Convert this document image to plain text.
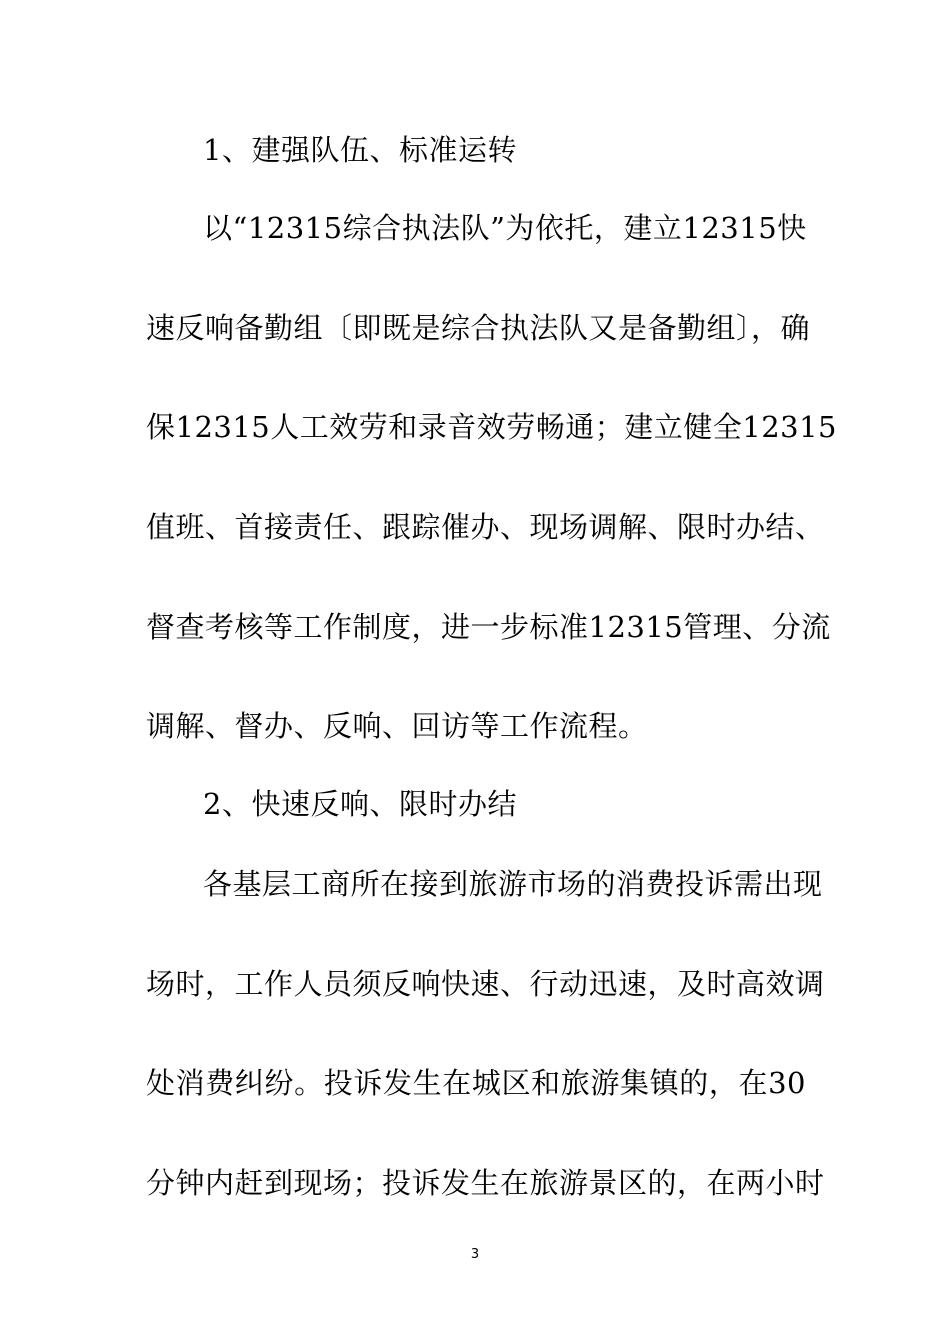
1、建强队伍、标准运转
以“12315综合执法队”为依托，建立12315快
速反响备勤组〔即既是综合执法队又是备勤组〕，确
保12315人工效劳和录音效劳畅通；建立健全12315
值班、首接责任、跟踪催办、现场调解、限时办结、
督查考核等工作制度，进一步标准12315管理、分流
调解、督办、反响、回访等工作流程。
2、快速反响、限时办结
各基层工商所在接到旅游市场的消费投诉需出现
场时，工作人员须反响快速、行动迅速，及时高效调
处消费纠纷。投诉发生在城区和旅游集镇的，在30
分钟内赶到现场；投诉发生在旅游景区的，在两小时
3
